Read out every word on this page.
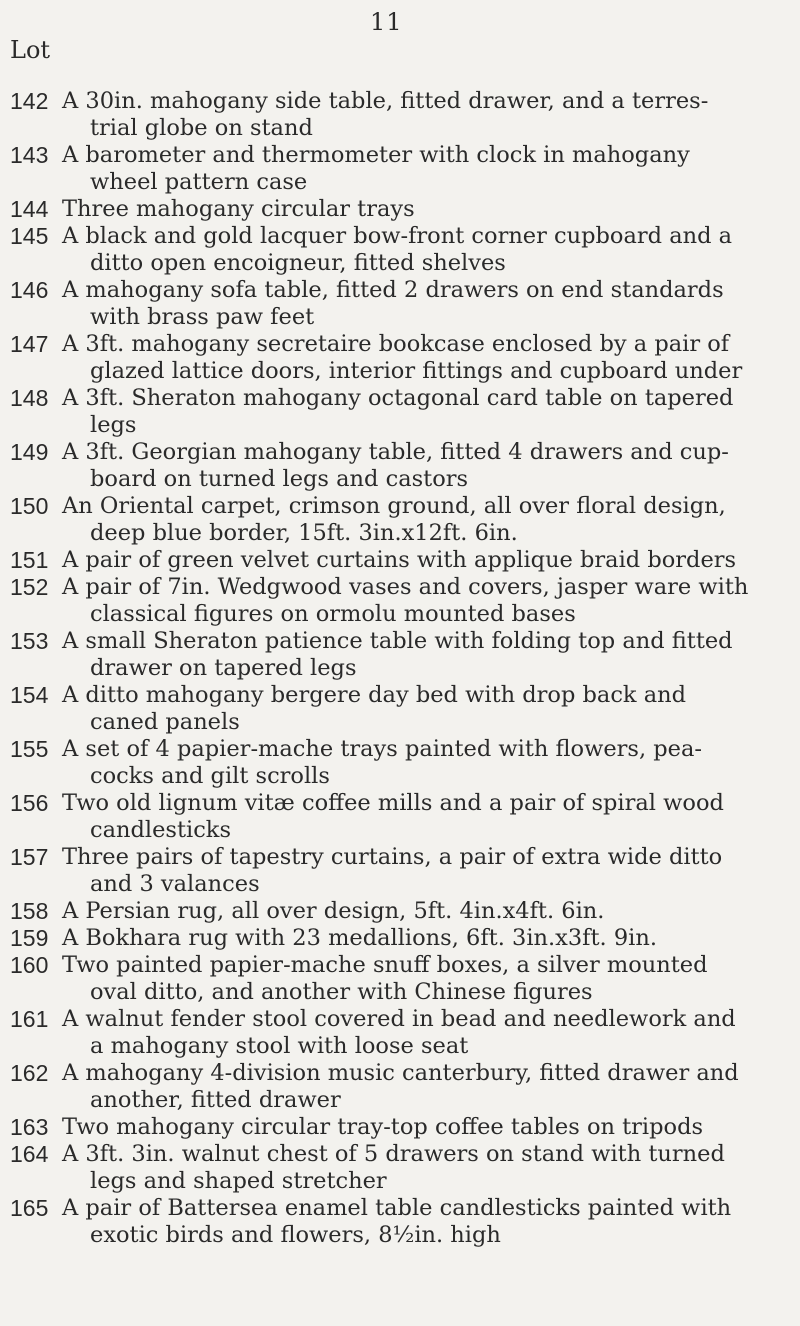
11
Lot
142 A 30in. mahogany side table, fitted drawer, and a terres-
trial globe on stand
143 A barometer and thermometer with clock in mahogany
wheel pattern case
144 Three mahogany circular trays
145 A black and gold lacquer bow-front corner cupboard and a
ditto open encoigneur, fitted shelves
146 A mahogany sofa table, fitted 2 drawers on end standards
with brass paw feet
147 A 3ft. mahogany secretaire bookcase enclosed by a pair of
glazed lattice doors, interior fittings and cupboard under
148 A 3ft. Sheraton mahogany octagonal card table on tapered
legs
149 A 3ft. Georgian mahogany table, fitted 4 drawers and cup-
board on turned legs and castors
150 An Oriental carpet, crimson ground, all over floral design,
deep blue border, 15ft. 3in.x12ft. 6in.
151 A pair of green velvet curtains with applique braid borders
152 A pair of 7in. Wedgwood vases and covers, jasper ware with
classical figures on ormolu mounted bases
153 A small Sheraton patience table with folding top and fitted
drawer on tapered legs
154 A ditto mahogany bergere day bed with drop back and
caned panels
155 A set of 4 papier-mache trays painted with flowers, pea-
cocks and gilt scrolls
156 Two old lignum vitæ coffee mills and a pair of spiral wood
candlesticks
157 Three pairs of tapestry curtains, a pair of extra wide ditto
and 3 valances
158 A Persian rug, all over design, 5ft. 4in.x4ft. 6in.
159 A Bokhara rug with 23 medallions, 6ft. 3in.x3ft. 9in.
160 Two painted papier-mache snuff boxes, a silver mounted
oval ditto, and another with Chinese figures
161 A walnut fender stool covered in bead and needlework and
a mahogany stool with loose seat
162 A mahogany 4-division music canterbury, fitted drawer and
another, fitted drawer
163 Two mahogany circular tray-top coffee tables on tripods
164 A 3ft. 3in. walnut chest of 5 drawers on stand with turned
legs and shaped stretcher
165 A pair of Battersea enamel table candlesticks painted with
exotic birds and flowers, 8½in. high
